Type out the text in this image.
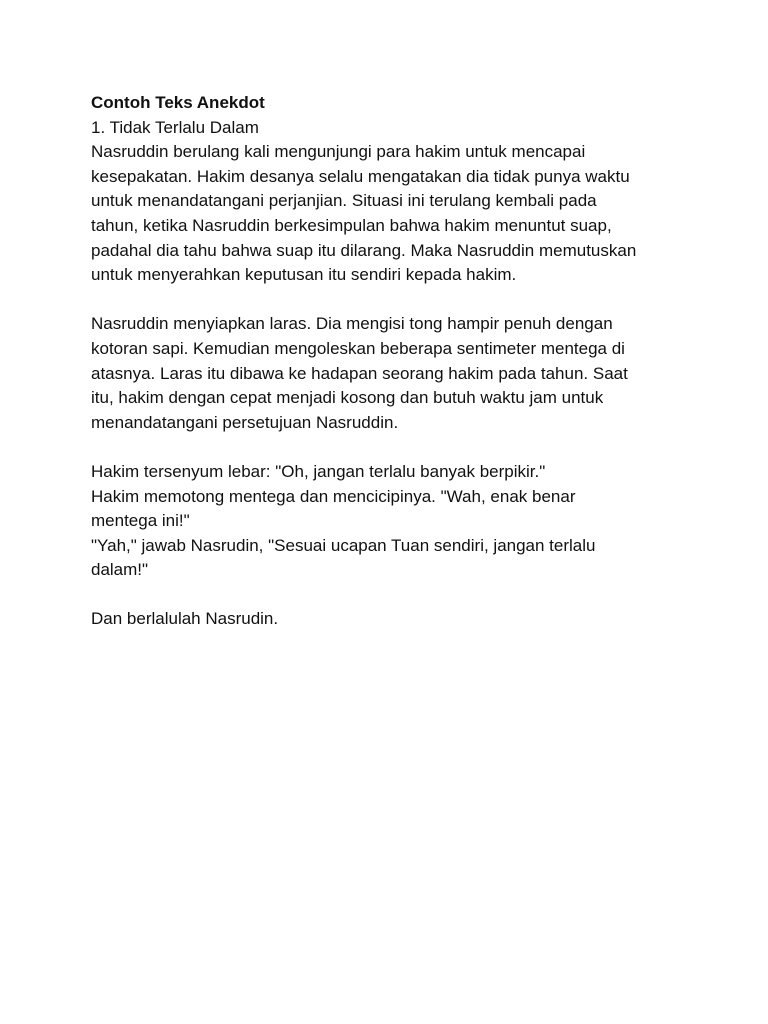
Contoh Teks Anekdot

1. Tidak Terlalu Dalam

Nasruddin berulang kali mengunjungi para hakim untuk mencapai
kesepakatan. Hakim desanya selalu mengatakan dia tidak punya waktu
untuk menandatangani perjanjian. Situasi ini terulang kembali pada
tahun, ketika Nasruddin berkesimpulan bahwa hakim menuntut suap,
padahal dia tahu bahwa suap itu dilarang. Maka Nasruddin memutuskan
untuk menyerahkan keputusan itu sendiri kepada hakim.

Nasruddin menyiapkan laras. Dia mengisi tong hampir penuh dengan
kotoran sapi. Kemudian mengoleskan beberapa sentimeter mentega di
atasnya. Laras itu dibawa ke hadapan seorang hakim pada tahun. Saat
itu, hakim dengan cepat menjadi kosong dan butuh waktu jam untuk
menandatangani persetujuan Nasruddin.

Hakim tersenyum lebar: "Oh, jangan terlalu banyak berpikir."
Hakim memotong mentega dan mencicipinya. "Wah, enak benar
mentega ini!"
"Yah," jawab Nasrudin, "Sesuai ucapan Tuan sendiri, jangan terlalu
dalam!"

Dan berlalulah Nasrudin.
